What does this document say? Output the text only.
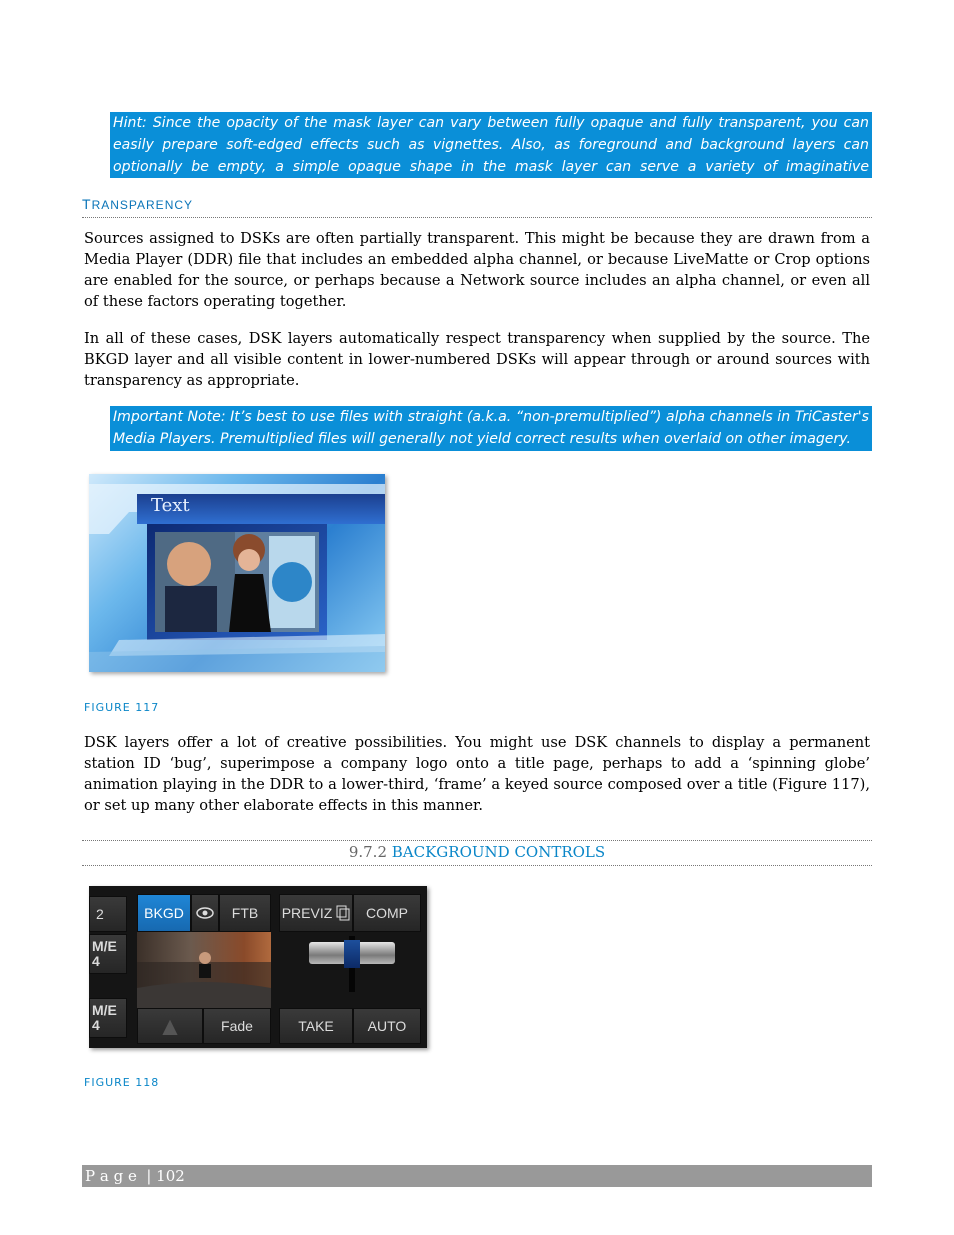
Hint: Since the opacity of the mask layer can vary between fully opaque and fully transparent, you can easily prepare soft-edged effects such as vignettes. Also, as foreground and background layers can optionally be empty, a simple opaque shape in the mask layer can serve a variety of imaginative purposes.
TRANSPARENCY
Sources assigned to DSKs are often partially transparent. This might be because they are drawn from a Media Player (DDR) file that includes an embedded alpha channel, or because LiveMatte or Crop options are enabled for the source, or perhaps because a Network source includes an alpha channel, or even all of these factors operating together.
In all of these cases, DSK layers automatically respect transparency when supplied by the source. The BKGD layer and all visible content in lower-numbered DSKs will appear through or around sources with transparency as appropriate.
Important Note: It’s best to use files with straight (a.k.a. “non-premultiplied”) alpha channels in TriCaster's Media Players. Premultiplied files will generally not yield correct results when overlaid on other imagery.
Text
FIGURE 117
DSK layers offer a lot of creative possibilities. You might use DSK channels to display a permanent station ID ‘bug’, superimpose a company logo onto a title page, perhaps to add a ‘spinning globe’ animation playing in the DDR to a lower-third, ‘frame’ a keyed source composed over a title (Figure 117), or set up many other elaborate effects in this manner.
9.7.2 BACKGROUND CONTROLS
2
M/E
4
M/E
4
BKGD	FTB
▲	Fade
PREVIZ	COMP
TAKE	AUTO
FIGURE 118
P a g e  | 102
